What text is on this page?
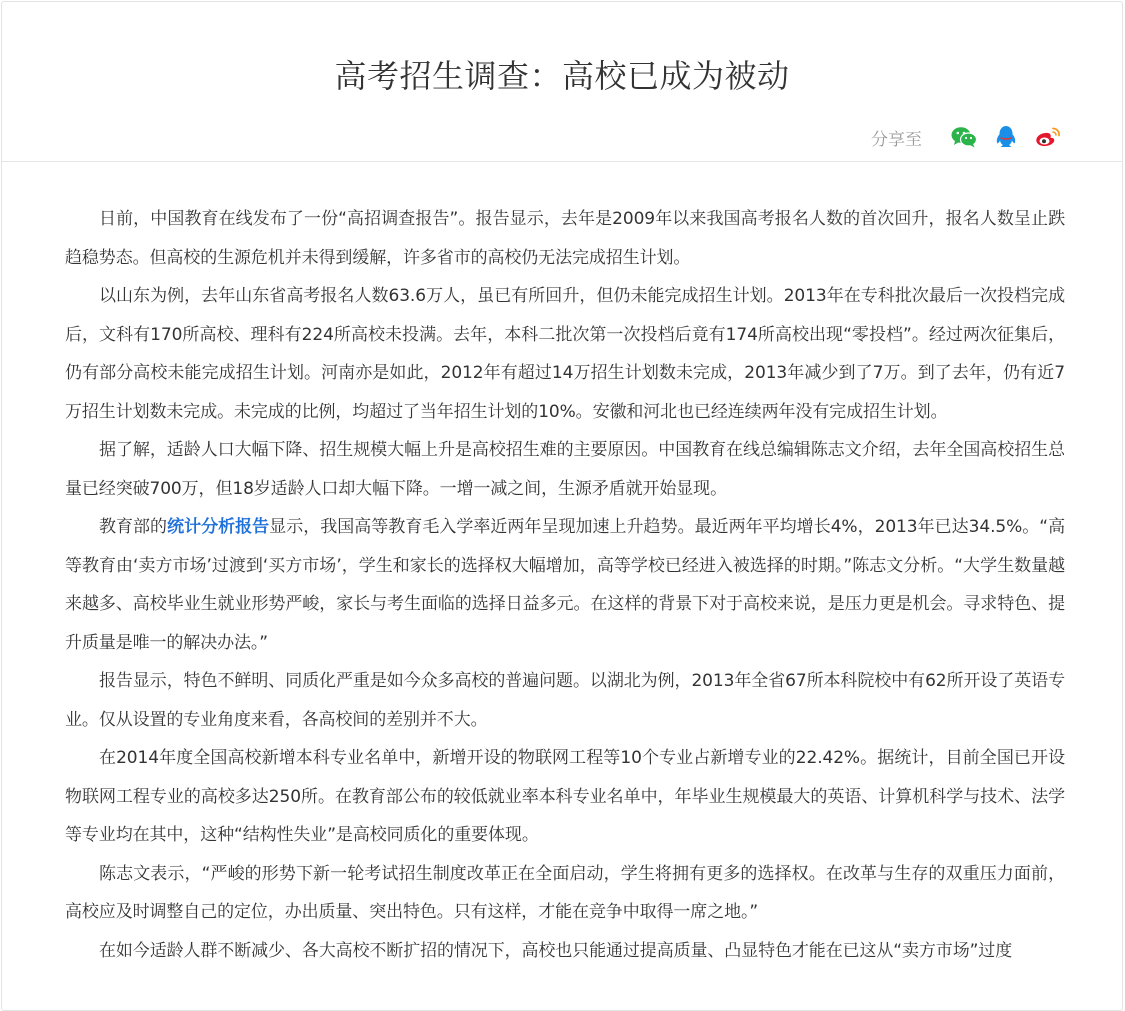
高考招生调查：高校已成为被动
分享至

日前，中国教育在线发布了一份“高招调查报告”。报告显示，去年是2009年以来我国高考报名人数的首次回升，报名人数呈止跌趋稳势态。但高校的生源危机并未得到缓解，许多省市的高校仍无法完成招生计划。

以山东为例，去年山东省高考报名人数63.6万人，虽已有所回升，但仍未能完成招生计划。2013年在专科批次最后一次投档完成后，文科有170所高校、理科有224所高校未投满。去年，本科二批次第一次投档后竟有174所高校出现“零投档”。经过两次征集后，仍有部分高校未能完成招生计划。河南亦是如此，2012年有超过14万招生计划数未完成，2013年减少到了7万。到了去年，仍有近7万招生计划数未完成。未完成的比例，均超过了当年招生计划的10%。安徽和河北也已经连续两年没有完成招生计划。

据了解，适龄人口大幅下降、招生规模大幅上升是高校招生难的主要原因。中国教育在线总编辑陈志文介绍，去年全国高校招生总量已经突破700万，但18岁适龄人口却大幅下降。一增一减之间，生源矛盾就开始显现。

教育部的统计分析报告显示，我国高等教育毛入学率近两年呈现加速上升趋势。最近两年平均增长4%，2013年已达34.5%。“高等教育由‘卖方市场’过渡到‘买方市场’，学生和家长的选择权大幅增加，高等学校已经进入被选择的时期。”陈志文分析。“大学生数量越来越多、高校毕业生就业形势严峻，家长与考生面临的选择日益多元。在这样的背景下对于高校来说，是压力更是机会。寻求特色、提升质量是唯一的解决办法。”

报告显示，特色不鲜明、同质化严重是如今众多高校的普遍问题。以湖北为例，2013年全省67所本科院校中有62所开设了英语专业。仅从设置的专业角度来看，各高校间的差别并不大。

在2014年度全国高校新增本科专业名单中，新增开设的物联网工程等10个专业占新增专业的22.42%。据统计，目前全国已开设物联网工程专业的高校多达250所。在教育部公布的较低就业率本科专业名单中，年毕业生规模最大的英语、计算机科学与技术、法学等专业均在其中，这种“结构性失业”是高校同质化的重要体现。

陈志文表示，“严峻的形势下新一轮考试招生制度改革正在全面启动，学生将拥有更多的选择权。在改革与生存的双重压力面前，高校应及时调整自己的定位，办出质量、突出特色。只有这样，才能在竞争中取得一席之地。”

在如今适龄人群不断减少、各大高校不断扩招的情况下，高校也只能通过提高质量、凸显特色才能在已这从“卖方市场”过度
